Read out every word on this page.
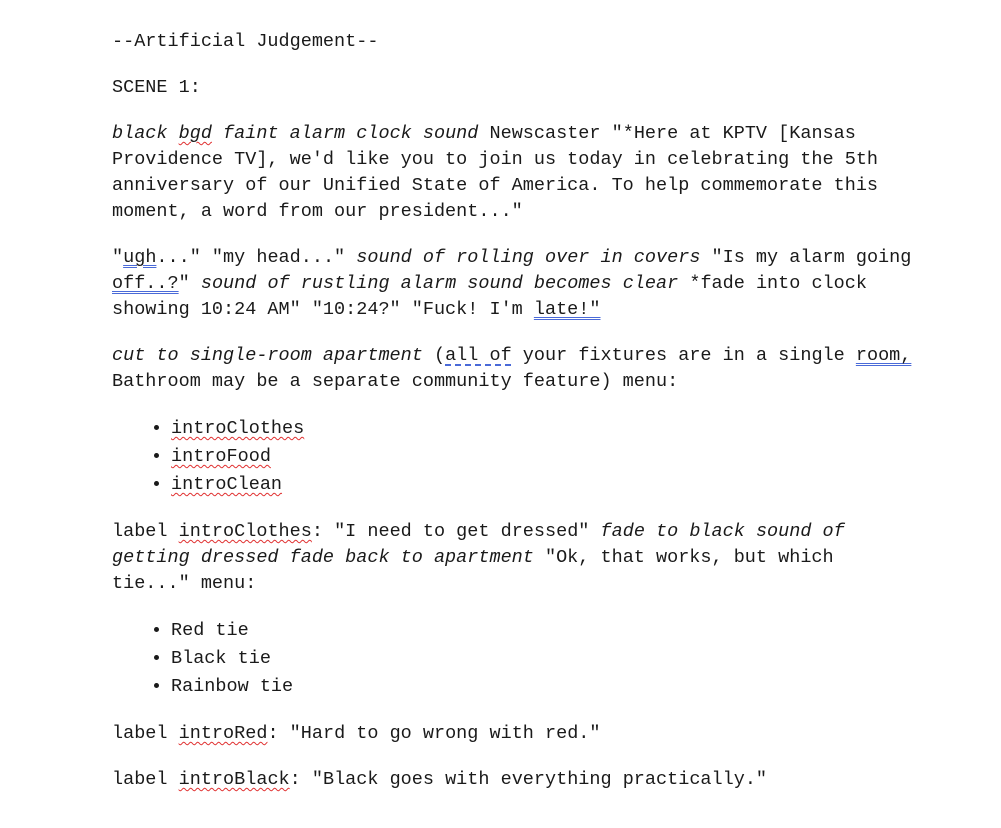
--Artificial Judgement--

SCENE 1:

black bgd faint alarm clock sound Newscaster "*Here at KPTV [Kansas Providence TV], we'd like you to join us today in celebrating the 5th anniversary of our Unified State of America. To help commemorate this moment, a word from our president..."

"ugh..." "my head..." sound of rolling over in covers "Is my alarm going off..?" sound of rustling alarm sound becomes clear *fade into clock showing 10:24 AM" "10:24?" "Fuck! I'm late!"

cut to single-room apartment (all of your fixtures are in a single room, Bathroom may be a separate community feature) menu:

• introClothes
• introFood
• introClean

label introClothes: "I need to get dressed" fade to black sound of getting dressed fade back to apartment "Ok, that works, but which tie..." menu:

• Red tie
• Black tie
• Rainbow tie

label introRed: "Hard to go wrong with red."

label introBlack: "Black goes with everything practically."
